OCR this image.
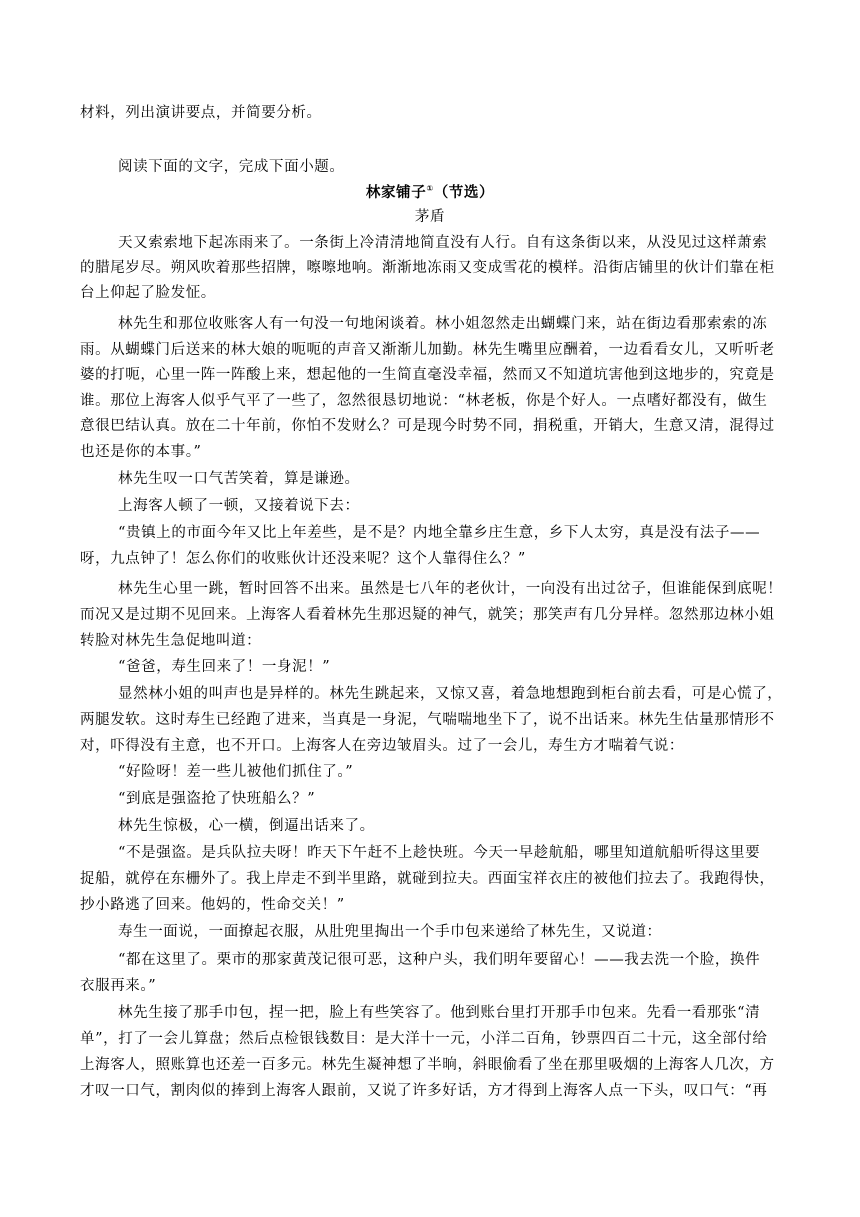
材料，列出演讲要点，并简要分析。
阅读下面的文字，完成下面小题。
林家铺子①（节选）
茅盾
天又索索地下起冻雨来了。一条街上冷清清地简直没有人行。自有这条街以来，从没见过这样萧索
的腊尾岁尽。朔风吹着那些招牌，嚓嚓地响。渐渐地冻雨又变成雪花的模样。沿街店铺里的伙计们靠在柜
台上仰起了脸发怔。
林先生和那位收账客人有一句没一句地闲谈着。林小姐忽然走出蝴蝶门来，站在街边看那索索的冻
雨。从蝴蝶门后送来的林大娘的呃呃的声音又渐渐儿加勤。林先生嘴里应酬着，一边看看女儿，又听听老
婆的打呃，心里一阵一阵酸上来，想起他的一生简直毫没幸福，然而又不知道坑害他到这地步的，究竟是
谁。那位上海客人似乎气平了一些了，忽然很恳切地说：“林老板，你是个好人。一点嗜好都没有，做生
意很巴结认真。放在二十年前，你怕不发财么？可是现今时势不同，捐税重，开销大，生意又清，混得过
也还是你的本事。”
林先生叹一口气苦笑着，算是谦逊。
上海客人顿了一顿，又接着说下去：
“贵镇上的市面今年又比上年差些，是不是？内地全靠乡庄生意，乡下人太穷，真是没有法子——
呀，九点钟了！怎么你们的收账伙计还没来呢？这个人靠得住么？”
林先生心里一跳，暂时回答不出来。虽然是七八年的老伙计，一向没有出过岔子，但谁能保到底呢！
而况又是过期不见回来。上海客人看着林先生那迟疑的神气，就笑；那笑声有几分异样。忽然那边林小姐
转脸对林先生急促地叫道：
“爸爸，寿生回来了！一身泥！”
显然林小姐的叫声也是异样的。林先生跳起来，又惊又喜，着急地想跑到柜台前去看，可是心慌了，
两腿发软。这时寿生已经跑了进来，当真是一身泥，气喘喘地坐下了，说不出话来。林先生估量那情形不
对，吓得没有主意，也不开口。上海客人在旁边皱眉头。过了一会儿，寿生方才喘着气说：
“好险呀！差一些儿被他们抓住了。”
“到底是强盗抢了快班船么？”
林先生惊极，心一横，倒逼出话来了。
“不是强盗。是兵队拉夫呀！昨天下午赶不上趁快班。今天一早趁航船，哪里知道航船听得这里要
捉船，就停在东栅外了。我上岸走不到半里路，就碰到拉夫。西面宝祥衣庄的被他们拉去了。我跑得快，
抄小路逃了回来。他妈的，性命交关！”
寿生一面说，一面撩起衣服，从肚兜里掏出一个手巾包来递给了林先生，又说道：
“都在这里了。栗市的那家黄茂记很可恶，这种户头，我们明年要留心！——我去洗一个脸，换件
衣服再来。”
林先生接了那手巾包，捏一把，脸上有些笑容了。他到账台里打开那手巾包来。先看一看那张“清
单”，打了一会儿算盘；然后点检银钱数目：是大洋十一元，小洋二百角，钞票四百二十元，这全部付给
上海客人，照账算也还差一百多元。林先生凝神想了半晌，斜眼偷看了坐在那里吸烟的上海客人几次，方
才叹一口气，割肉似的捧到上海客人跟前，又说了许多好话，方才得到上海客人点一下头，叹口气：“再
